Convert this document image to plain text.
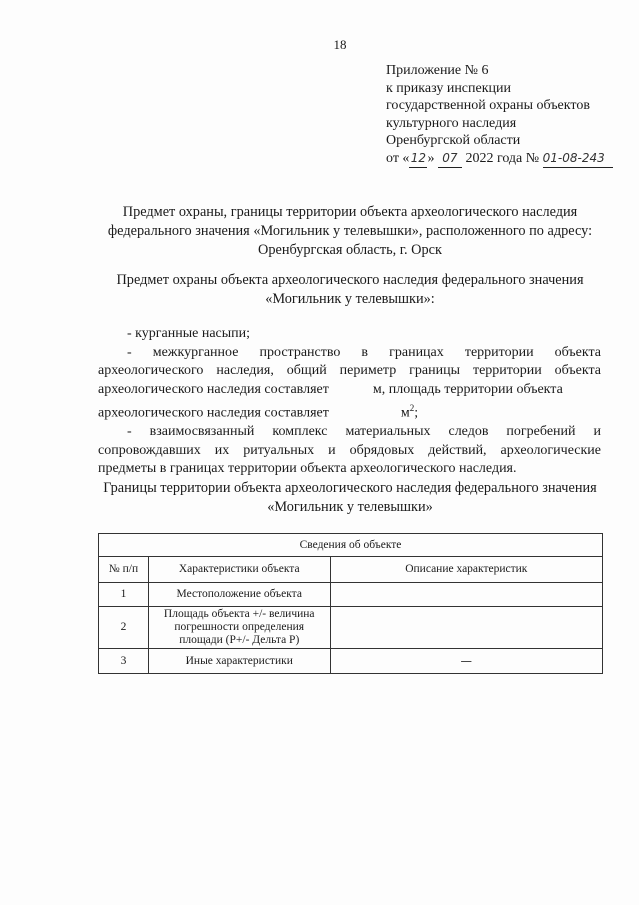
18
Приложение № 6
к приказу инспекции
государственной охраны объектов
культурного наследия
Оренбургской области
от «12» 07 2022 года № 01-08-243
Предмет охраны, границы территории объекта археологического наследия федерального значения «Могильник у телевышки», расположенного по адресу: Оренбургская область, г. Орск
Предмет охраны объекта археологического наследия федерального значения «Могильник у телевышки»:

- курганные насыпи;

- межкурганное пространство в границах территории объекта

археологического наследия, общий периметр границы территории объекта

археологического наследия составляет	м, площадь территории объекта

археологического наследия составляет	$м^2$;

- взаимосвязанный комплекс материальных следов погребений и

сопровождавших их ритуальных и обрядовых действий, археологические

предметы в границах территории объекта археологического наследия.

Границы территории объекта археологического наследия федерального значения «Могильник у телевышки»
Сведения об объекте		
№ п/п	Характеристики объекта	Описание характеристик
1	Местоположение объекта	
2	Площадь объекта +/- величина погрешности определения площади (Р+/- Дельта Р)	
3	Иные характеристики	—
